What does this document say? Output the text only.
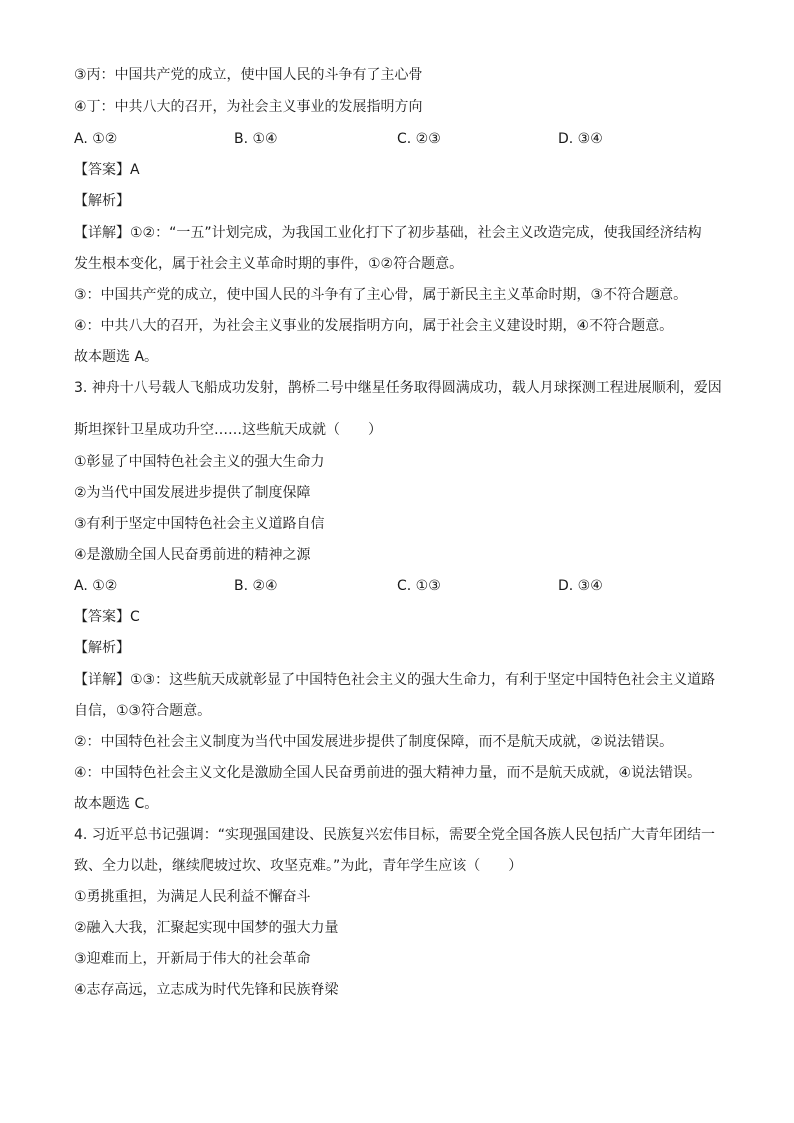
③丙：中国共产党的成立，使中国人民的斗争有了主心骨
④丁：中共八大的召开，为社会主义事业的发展指明方向
A. ①②	B. ①④	C. ②③	D. ③④
【答案】A
【解析】
【详解】①②：“一五”计划完成，为我国工业化打下了初步基础，社会主义改造完成，使我国经济结构
发生根本变化，属于社会主义革命时期的事件，①②符合题意。
③：中国共产党的成立，使中国人民的斗争有了主心骨，属于新民主主义革命时期，③不符合题意。
④：中共八大的召开，为社会主义事业的发展指明方向，属于社会主义建设时期，④不符合题意。
故本题选 A。
3. 神舟十八号载人飞船成功发射，鹊桥二号中继星任务取得圆满成功，载人月球探测工程进展顺利，爱因
斯坦探针卫星成功升空……这些航天成就（　　）
①彰显了中国特色社会主义的强大生命力
②为当代中国发展进步提供了制度保障
③有利于坚定中国特色社会主义道路自信
④是激励全国人民奋勇前进的精神之源
A. ①②	B. ②④	C. ①③	D. ③④
【答案】C
【解析】
【详解】①③：这些航天成就彰显了中国特色社会主义的强大生命力，有利于坚定中国特色社会主义道路
自信，①③符合题意。
②：中国特色社会主义制度为当代中国发展进步提供了制度保障，而不是航天成就，②说法错误。
④：中国特色社会主义文化是激励全国人民奋勇前进的强大精神力量，而不是航天成就，④说法错误。
故本题选 C。
4. 习近平总书记强调：“实现强国建设、民族复兴宏伟目标，需要全党全国各族人民包括广大青年团结一
致、全力以赴，继续爬坡过坎、攻坚克难。”为此，青年学生应该（　　）
①勇挑重担，为满足人民利益不懈奋斗
②融入大我，汇聚起实现中国梦的强大力量
③迎难而上，开新局于伟大的社会革命
④志存高远，立志成为时代先锋和民族脊梁
